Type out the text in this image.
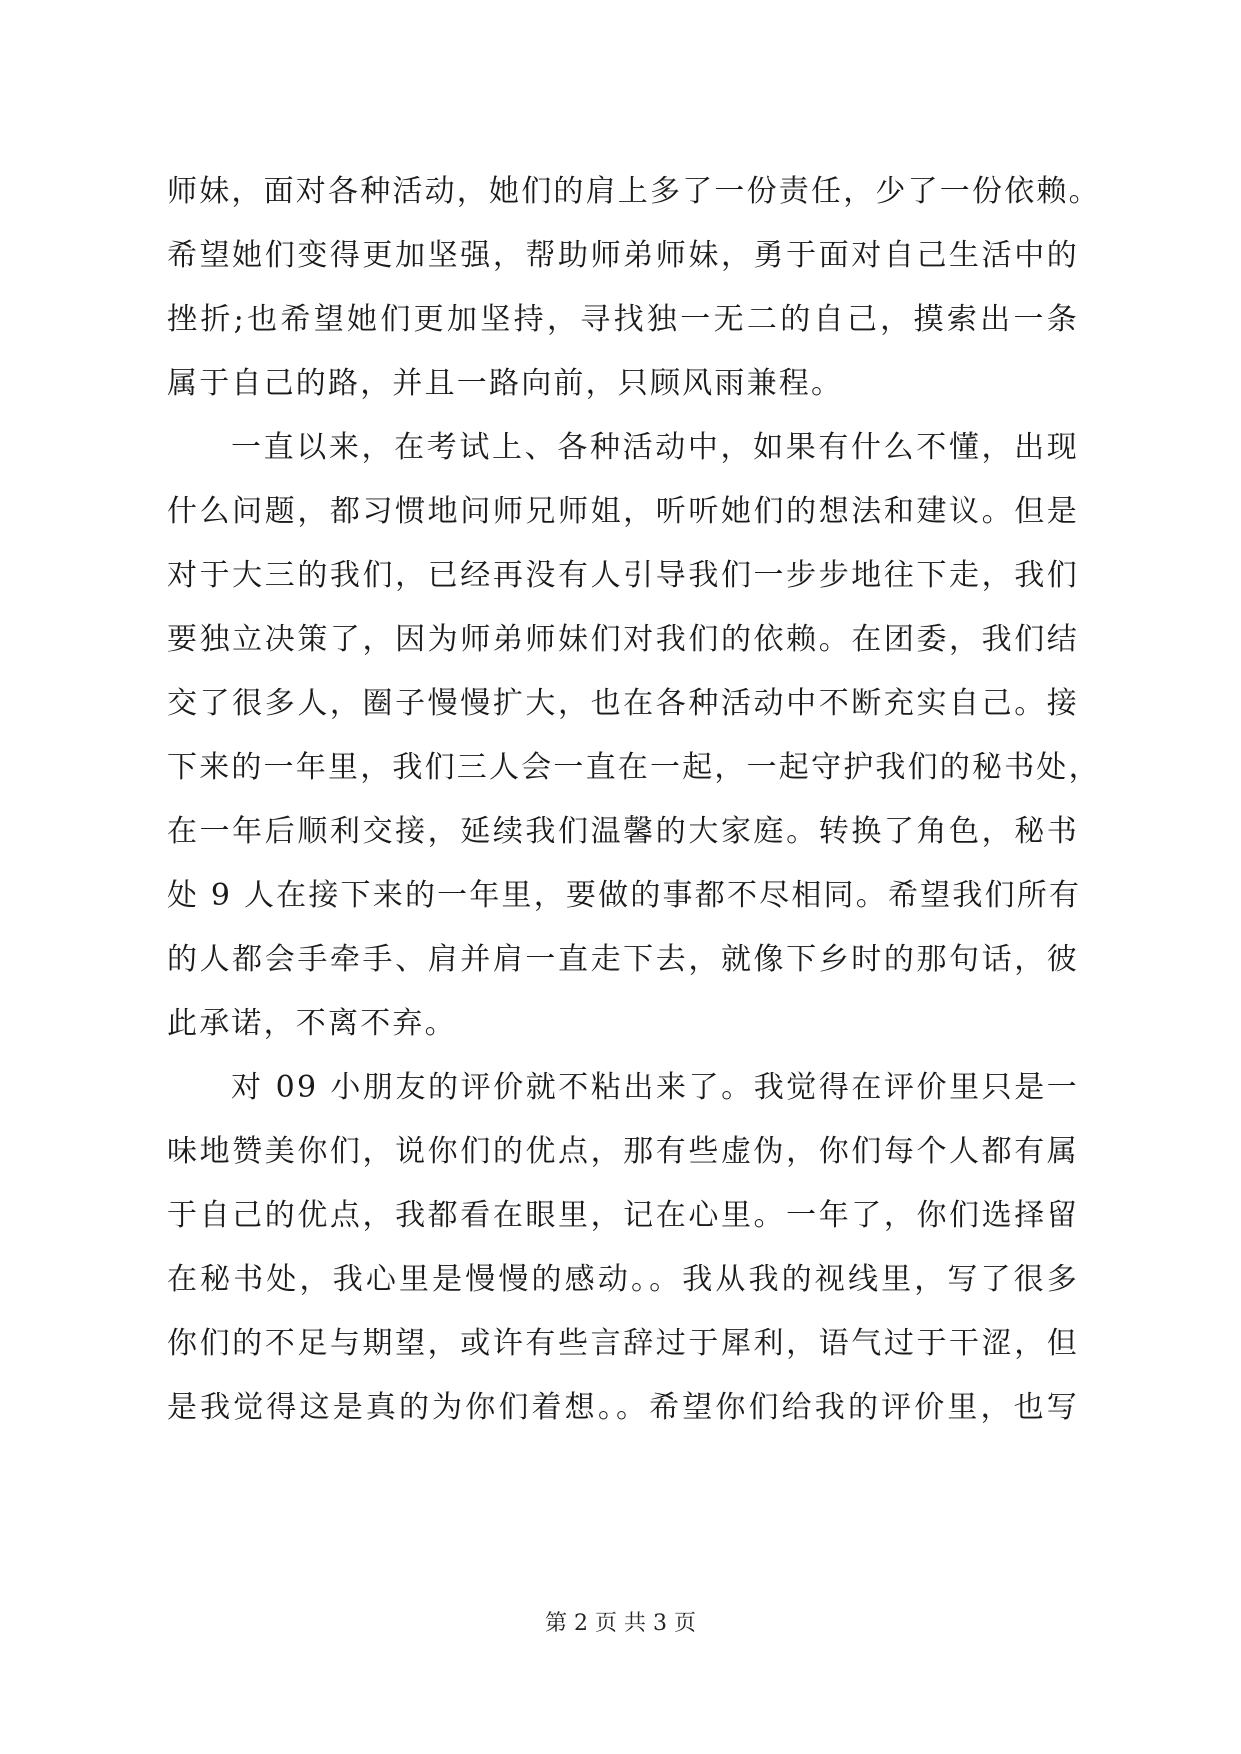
师妹，面对各种活动，她们的肩上多了一份责任，少了一份依赖。
希望她们变得更加坚强，帮助师弟师妹，勇于面对自己生活中的
挫折;也希望她们更加坚持，寻找独一无二的自己，摸索出一条
属于自己的路，并且一路向前，只顾风雨兼程。
一直以来，在考试上、各种活动中，如果有什么不懂，出现
什么问题，都习惯地问师兄师姐，听听她们的想法和建议。但是
对于大三的我们，已经再没有人引导我们一步步地往下走，我们
要独立决策了，因为师弟师妹们对我们的依赖。在团委，我们结
交了很多人，圈子慢慢扩大，也在各种活动中不断充实自己。接
下来的一年里，我们三人会一直在一起，一起守护我们的秘书处，
在一年后顺利交接，延续我们温馨的大家庭。转换了角色，秘书
处 9 人在接下来的一年里，要做的事都不尽相同。希望我们所有
的人都会手牵手、肩并肩一直走下去，就像下乡时的那句话，彼
此承诺，不离不弃。
对 09 小朋友的评价就不粘出来了。我觉得在评价里只是一
味地赞美你们，说你们的优点，那有些虚伪，你们每个人都有属
于自己的优点，我都看在眼里，记在心里。一年了，你们选择留
在秘书处，我心里是慢慢的感动。。我从我的视线里，写了很多
你们的不足与期望，或许有些言辞过于犀利，语气过于干涩，但
是我觉得这是真的为你们着想。。希望你们给我的评价里，也写
第 2 页 共 3 页
